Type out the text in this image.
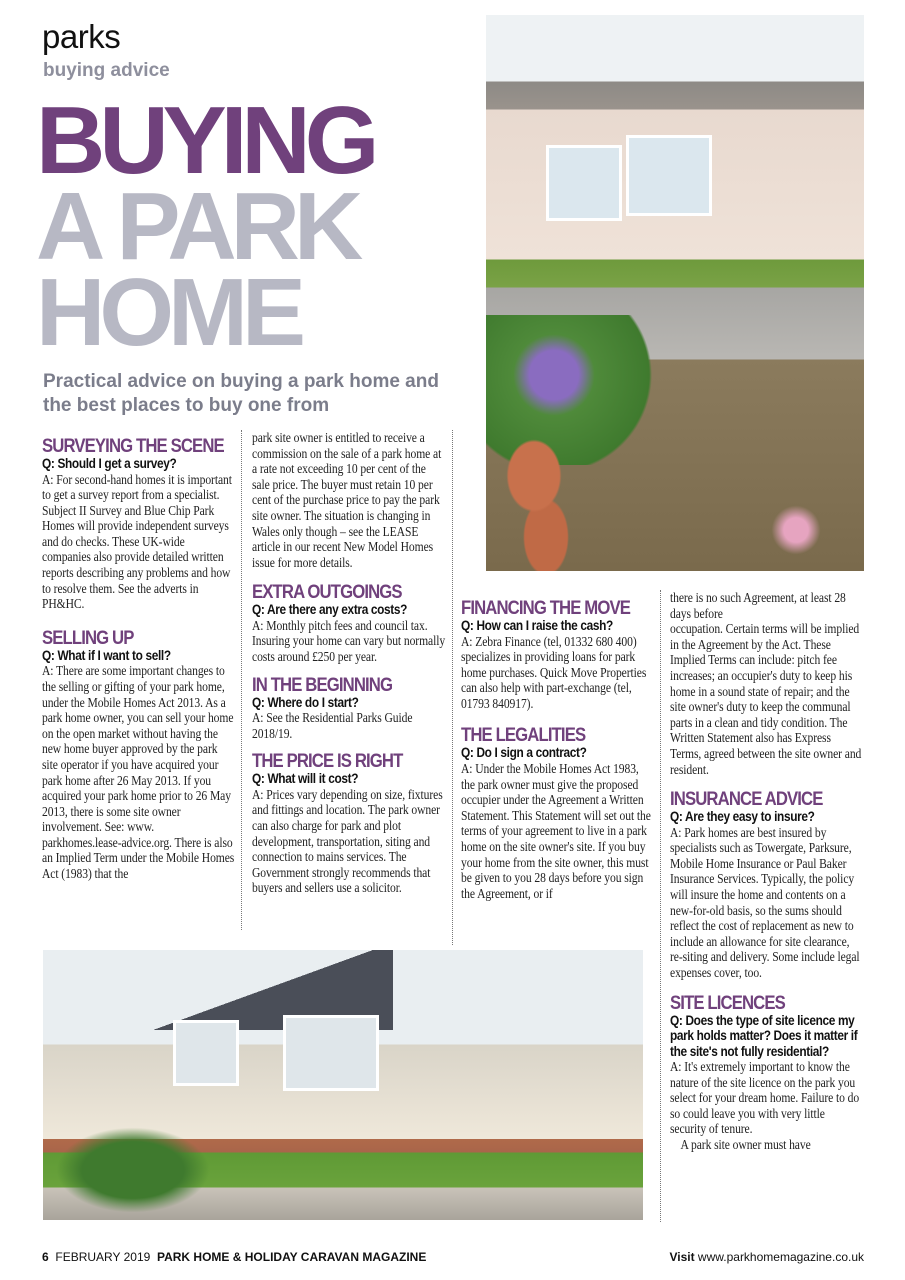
parks
buying advice
BUYING
A PARK
HOME
Practical advice on buying a park home and the best places to buy one from
SURVEYING THE SCENE
Q: Should I get a survey?

A: For second-hand homes it is important to get a survey report from a specialist. Subject II Survey and Blue Chip Park Homes will provide independent surveys and do checks. These UK-wide companies also provide detailed written reports describing any problems and how to resolve them. See the adverts in PH&HC.

SELLING UP
Q: What if I want to sell?

A: There are some important changes to the selling or gifting of your park home, under the Mobile Homes Act 2013. As a park home owner, you can sell your home on the open market without having the new home buyer approved by the park site operator if you have acquired your park home after 26 May 2013. If you acquired your park home prior to 26 May 2013, there is some site owner involvement. See: www. parkhomes.lease-advice.org. There is also an Implied Term under the Mobile Homes Act (1983) that the

park site owner is entitled to receive a commission on the sale of a park home at a rate not exceeding 10 per cent of the sale price. The buyer must retain 10 per cent of the purchase price to pay the park site owner. The situation is changing in Wales only though – see the LEASE article in our recent New Model Homes issue for more details.

EXTRA OUTGOINGS
Q: Are there any extra costs?

A: Monthly pitch fees and council tax. Insuring your home can vary but normally costs around £250 per year.

IN THE BEGINNING
Q: Where do I start?

A: See the Residential Parks Guide 2018/19.

THE PRICE IS RIGHT
Q: What will it cost?

A: Prices vary depending on size, fixtures and fittings and location. The park owner can also charge for park and plot development, transportation, siting and connection to mains services. The Government strongly recommends that buyers and sellers use a solicitor.

FINANCING THE MOVE
Q: How can I raise the cash?

A: Zebra Finance (tel, 01332 680 400) specializes in providing loans for park home purchases. Quick Move Properties can also help with part-exchange (tel, 01793 840917).

THE LEGALITIES
Q: Do I sign a contract?

A: Under the Mobile Homes Act 1983, the park owner must give the proposed occupier under the Agreement a Written Statement. This Statement will set out the terms of your agreement to live in a park home on the site owner's site. If you buy your home from the site owner, this must be given to you 28 days before you sign the Agreement, or if

there is no such Agreement, at least 28 days before

occupation. Certain terms will be implied in the Agreement by the Act. These Implied Terms can include: pitch fee increases; an occupier's duty to keep his home in a sound state of repair; and the site owner's duty to keep the communal parts in a clean and tidy condition. The Written Statement also has Express Terms, agreed between the site owner and resident.

INSURANCE ADVICE
Q: Are they easy to insure?

A: Park homes are best insured by specialists such as Towergate, Parksure, Mobile Home Insurance or Paul Baker Insurance Services. Typically, the policy will insure the home and contents on a new-for-old basis, so the sums should reflect the cost of replacement as new to include an allowance for site clearance, re-siting and delivery. Some include legal expenses cover, too.

SITE LICENCES
Q: Does the type of site licence my park holds matter? Does it matter if the site's not fully residential?

A: It's extremely important to know the nature of the site licence on the park you select for your dream home. Failure to do so could leave you with very little security of tenure.

A park site owner must have

6 FEBRUARY 2019 PARK HOME & HOLIDAY CARAVAN MAGAZINE	Visit www.parkhomemagazine.co.uk
